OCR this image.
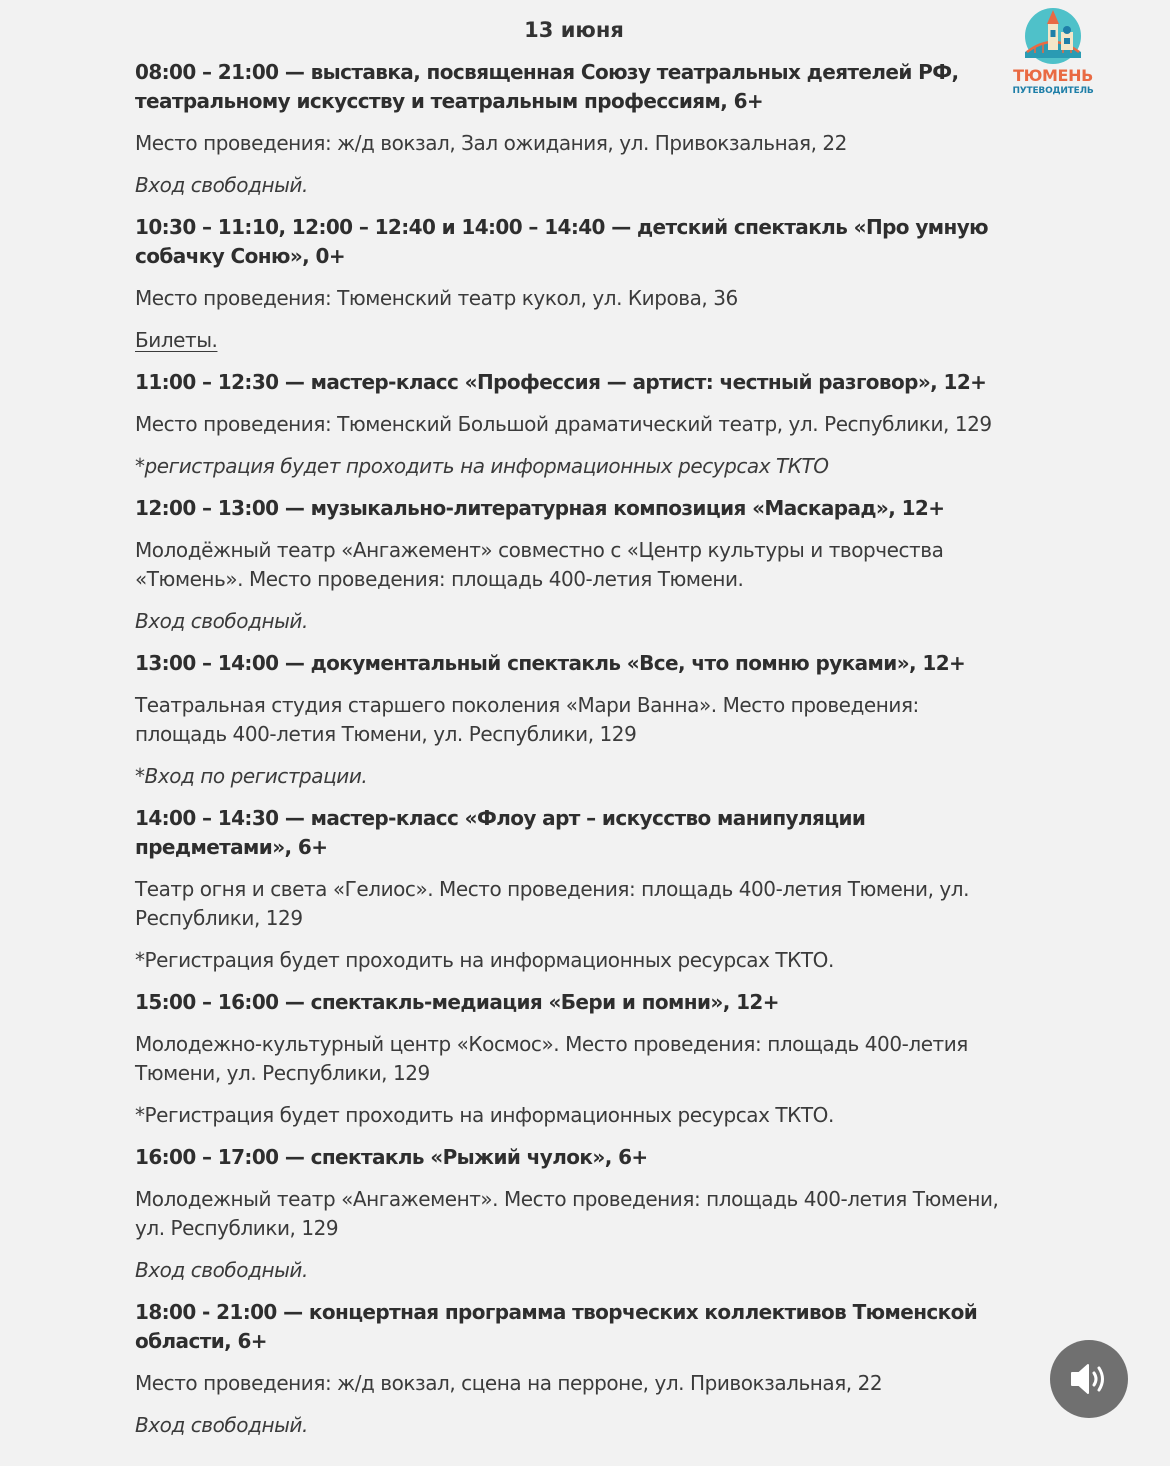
13 июня
ТЮМЕНЬ
ПУТЕВОДИТЕЛЬ

08:00 – 21:00 — выставка, посвященная Союзу театральных деятелей РФ, театральному искусству и театральным профессиям, 6+

Место проведения: ж/д вокзал, Зал ожидания, ул. Привокзальная, 22

Вход свободный.

10:30 – 11:10, 12:00 – 12:40 и 14:00 – 14:40 — детский спектакль «Про умную собачку Соню», 0+

Место проведения: Тюменский театр кукол, ул. Кирова, 36

Билеты.

11:00 – 12:30 — мастер-класс «Профессия — артист: честный разговор», 12+

Место проведения: Тюменский Большой драматический театр, ул. Республики, 129

*регистрация будет проходить на информационных ресурсах ТКТО

12:00 – 13:00 — музыкально-литературная композиция «Маскарад», 12+

Молодёжный театр «Ангажемент» совместно с «Центр культуры и творчества «Тюмень». Место проведения: площадь 400-летия Тюмени.

Вход свободный.

13:00 – 14:00 — документальный спектакль «Все, что помню руками», 12+

Театральная студия старшего поколения «Мари Ванна». Место проведения: площадь 400-летия Тюмени, ул. Республики, 129

*Вход по регистрации.

14:00 – 14:30 — мастер-класс «Флоу арт – искусство манипуляции предметами», 6+

Театр огня и света «Гелиос». Место проведения: площадь 400-летия Тюмени, ул. Республики, 129

*Регистрация будет проходить на информационных ресурсах ТКТО.

15:00 – 16:00 — спектакль-медиация «Бери и помни», 12+

Молодежно-культурный центр «Космос». Место проведения: площадь 400-летия Тюмени, ул. Республики, 129

*Регистрация будет проходить на информационных ресурсах ТКТО.

16:00 – 17:00 — спектакль «Рыжий чулок», 6+

Молодежный театр «Ангажемент». Место проведения: площадь 400-летия Тюмени, ул. Республики, 129

Вход свободный.

18:00 - 21:00 — концертная программа творческих коллективов Тюменской области, 6+

Место проведения: ж/д вокзал, сцена на перроне, ул. Привокзальная, 22

Вход свободный.
